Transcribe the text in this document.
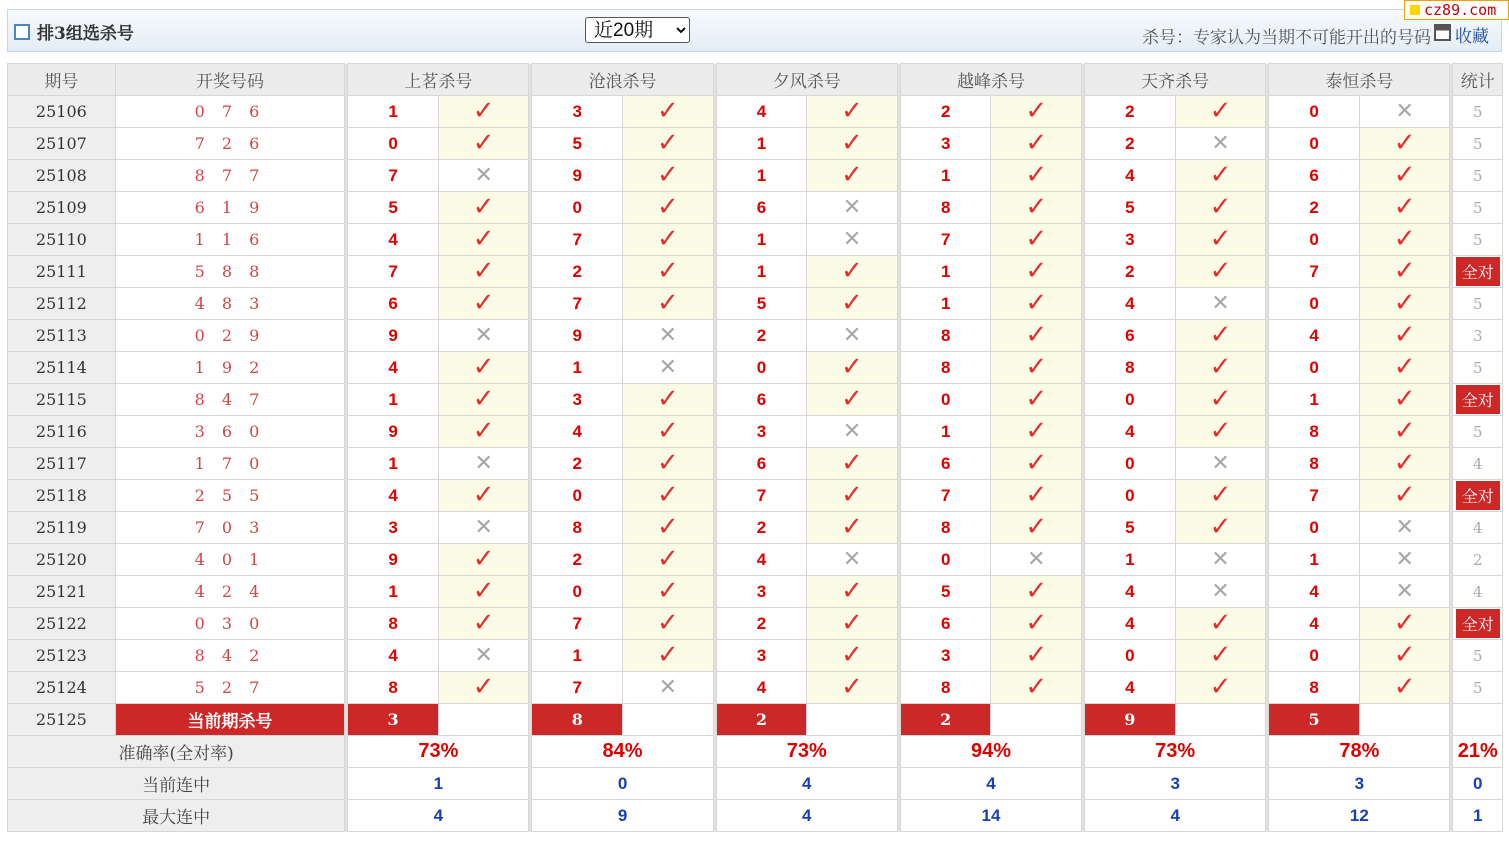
排3组选杀号
近20期	杀号：专家认为当期不可能开出的号码	收藏
cz89.com
期号	开奖号码		上茗杀号			沧浪杀号			夕风杀号			越峰杀号			天齐杀号			泰恒杀号			统计
25106	0 7 6		1	✓		3	✓		4	✓		2	✓		2	✓		0	✕		5
25107	7 2 6		0	✓		5	✓		1	✓		3	✓		2	✕		0	✓		5
25108	8 7 7		7	✕		9	✓		1	✓		1	✓		4	✓		6	✓		5
25109	6 1 9		5	✓		0	✓		6	✕		8	✓		5	✓		2	✓		5
25110	1 1 6		4	✓		7	✓		1	✕		7	✓		3	✓		0	✓		5
25111	5 8 8		7	✓		2	✓		1	✓		1	✓		2	✓		7	✓		全对
25112	4 8 3		6	✓		7	✓		5	✓		1	✓		4	✕		0	✓		5
25113	0 2 9		9	✕		9	✕		2	✕		8	✓		6	✓		4	✓		3
25114	1 9 2		4	✓		1	✕		0	✓		8	✓		8	✓		0	✓		5
25115	8 4 7		1	✓		3	✓		6	✓		0	✓		0	✓		1	✓		全对
25116	3 6 0		9	✓		4	✓		3	✕		1	✓		4	✓		8	✓		5
25117	1 7 0		1	✕		2	✓		6	✓		6	✓		0	✕		8	✓		4
25118	2 5 5		4	✓		0	✓		7	✓		7	✓		0	✓		7	✓		全对
25119	7 0 3		3	✕		8	✓		2	✓		8	✓		5	✓		0	✕		4
25120	4 0 1		9	✓		2	✓		4	✕		0	✕		1	✕		1	✕		2
25121	4 2 4		1	✓		0	✓		3	✓		5	✓		4	✕		4	✕		4
25122	0 3 0		8	✓		7	✓		2	✓		6	✓		4	✓		4	✓		全对
25123	8 4 2		4	✕		1	✓		3	✓		3	✓		0	✓		0	✓		5
25124	5 2 7		8	✓		7	✕		4	✓		8	✓		4	✓		8	✓		5
25125	当前期杀号		3			8			2			2			9			5			
准确率(全对率)			73%			84%			73%			94%			73%			78%			21%
当前连中			1			0			4			4			3			3			0
最大连中			4			9			4			14			4			12			1
